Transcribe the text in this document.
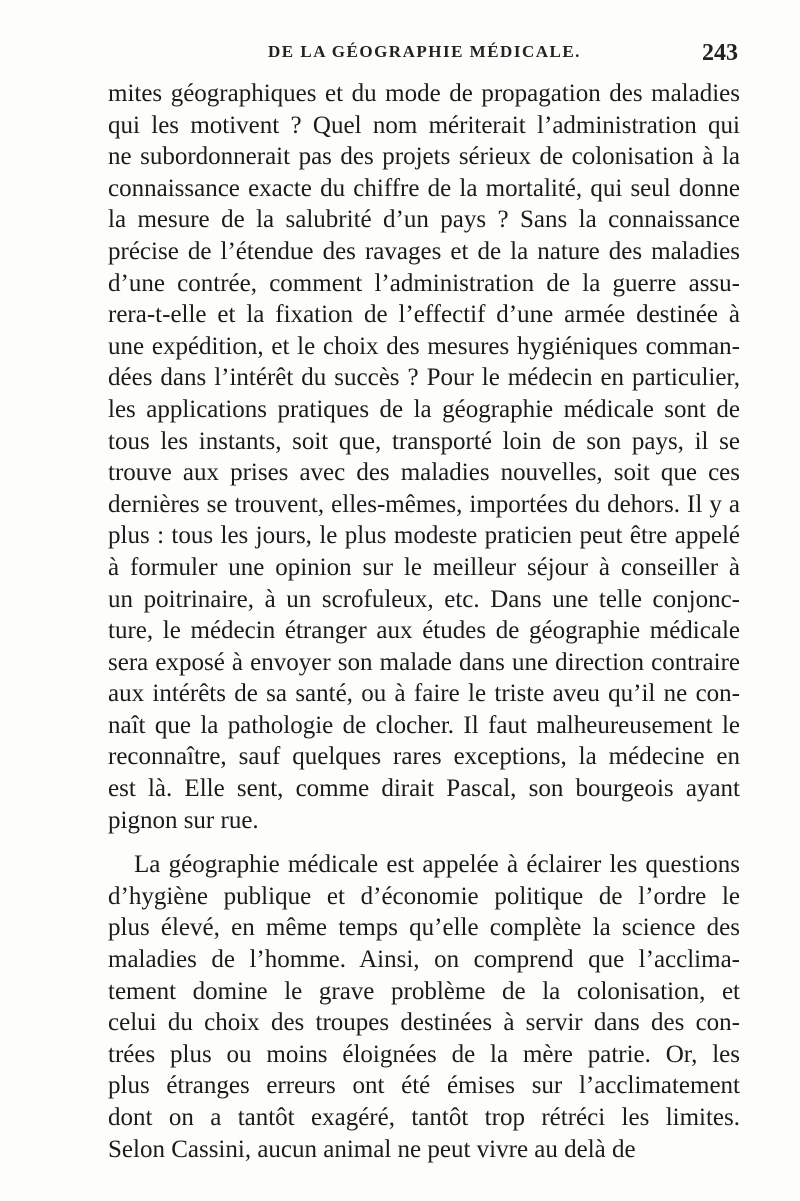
DE LA GÉOGRAPHIE MÉDICALE.	243
mites géographiques et du mode de propagation des maladies
qui les motivent ? Quel nom mériterait l’administration qui
ne subordonnerait pas des projets sérieux de colonisation à la
connaissance exacte du chiffre de la mortalité, qui seul donne
la mesure de la salubrité d’un pays ? Sans la connaissance
précise de l’étendue des ravages et de la nature des maladies
d’une contrée, comment l’administration de la guerre assu-
rera-t-elle et la fixation de l’effectif d’une armée destinée à
une expédition, et le choix des mesures hygiéniques comman-
dées dans l’intérêt du succès ? Pour le médecin en particulier,
les applications pratiques de la géographie médicale sont de
tous les instants, soit que, transporté loin de son pays, il se
trouve aux prises avec des maladies nouvelles, soit que ces
dernières se trouvent, elles-mêmes, importées du dehors. Il y a
plus : tous les jours, le plus modeste praticien peut être appelé
à formuler une opinion sur le meilleur séjour à conseiller à
un poitrinaire, à un scrofuleux, etc. Dans une telle conjonc-
ture, le médecin étranger aux études de géographie médicale
sera exposé à envoyer son malade dans une direction contraire
aux intérêts de sa santé, ou à faire le triste aveu qu’il ne con-
naît que la pathologie de clocher. Il faut malheureusement le
reconnaître, sauf quelques rares exceptions, la médecine en
est là. Elle sent, comme dirait Pascal, son bourgeois ayant
pignon sur rue.
La géographie médicale est appelée à éclairer les questions
d’hygiène publique et d’économie politique de l’ordre le
plus élevé, en même temps qu’elle complète la science des
maladies de l’homme. Ainsi, on comprend que l’acclima-
tement domine le grave problème de la colonisation, et
celui du choix des troupes destinées à servir dans des con-
trées plus ou moins éloignées de la mère patrie. Or, les
plus étranges erreurs ont été émises sur l’acclimatement
dont on a tantôt exagéré, tantôt trop rétréci les limites.
Selon Cassini, aucun animal ne peut vivre au delà de
